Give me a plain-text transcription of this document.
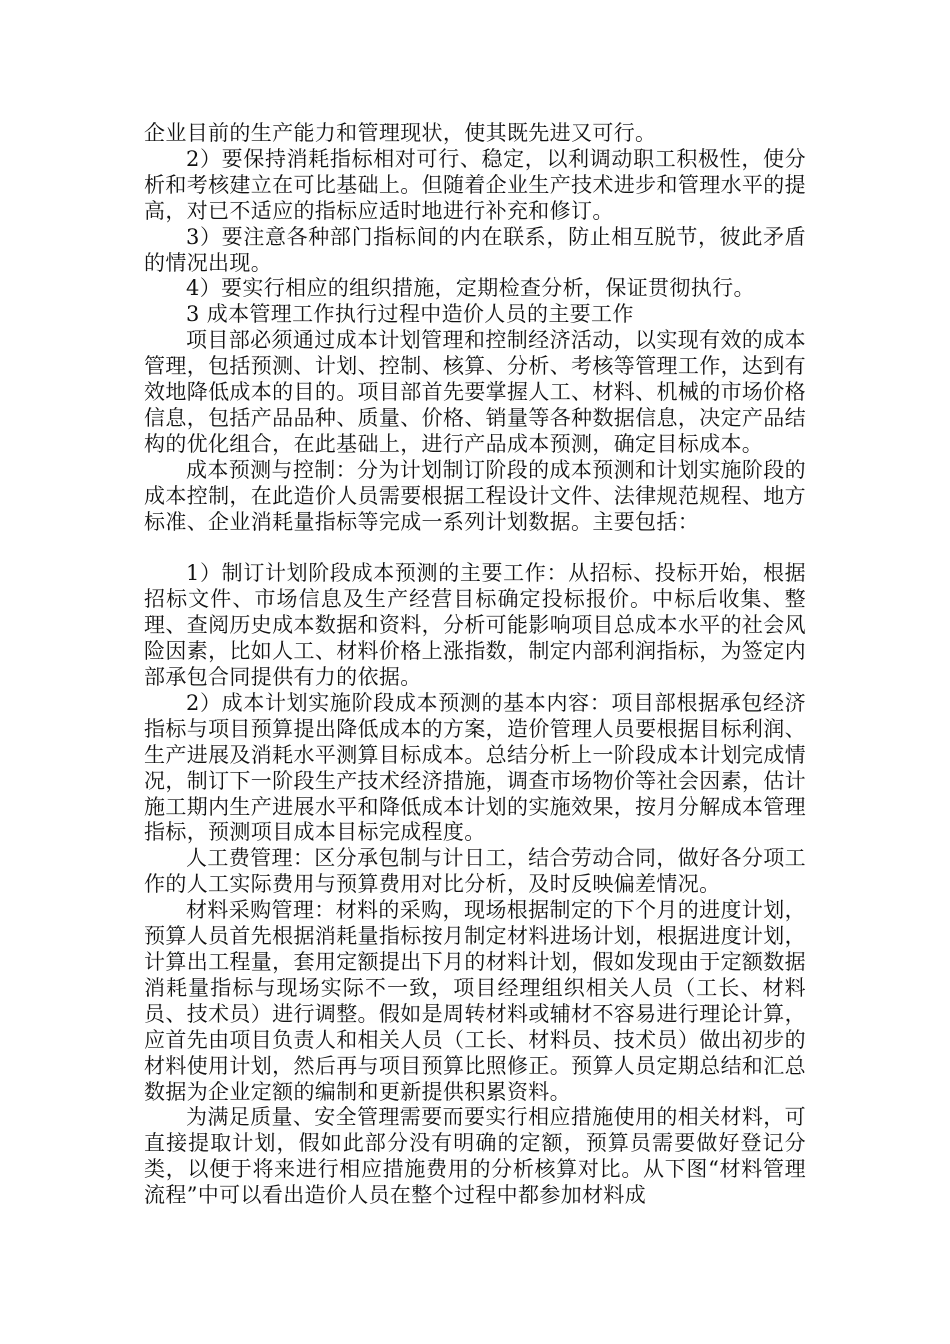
企业目前的生产能力和管理现状，使其既先进又可行。

2）要保持消耗指标相对可行、稳定，以利调动职工积极性，使分析和考核建立在可比基础上。但随着企业生产技术进步和管理水平的提高，对已不适应的指标应适时地进行补充和修订。

3）要注意各种部门指标间的内在联系，防止相互脱节，彼此矛盾的情况出现。

4）要实行相应的组织措施，定期检查分析，保证贯彻执行。

3 成本管理工作执行过程中造价人员的主要工作

项目部必须通过成本计划管理和控制经济活动，以实现有效的成本管理，包括预测、计划、控制、核算、分析、考核等管理工作，达到有效地降低成本的目的。项目部首先要掌握人工、材料、机械的市场价格信息，包括产品品种、质量、价格、销量等各种数据信息，决定产品结构的优化组合，在此基础上，进行产品成本预测，确定目标成本。

成本预测与控制：分为计划制订阶段的成本预测和计划实施阶段的成本控制，在此造价人员需要根据工程设计文件、法律规范规程、地方标准、企业消耗量指标等完成一系列计划数据。主要包括：

1）制订计划阶段成本预测的主要工作：从招标、投标开始，根据招标文件、市场信息及生产经营目标确定投标报价。中标后收集、整理、查阅历史成本数据和资料，分析可能影响项目总成本水平的社会风险因素，比如人工、材料价格上涨指数，制定内部利润指标，为签定内部承包合同提供有力的依据。

2）成本计划实施阶段成本预测的基本内容：项目部根据承包经济指标与项目预算提出降低成本的方案，造价管理人员要根据目标利润、生产进展及消耗水平测算目标成本。总结分析上一阶段成本计划完成情况，制订下一阶段生产技术经济措施，调查市场物价等社会因素，估计施工期内生产进展水平和降低成本计划的实施效果，按月分解成本管理指标，预测项目成本目标完成程度。

人工费管理：区分承包制与计日工，结合劳动合同，做好各分项工作的人工实际费用与预算费用对比分析，及时反映偏差情况。

材料采购管理：材料的采购，现场根据制定的下个月的进度计划，预算人员首先根据消耗量指标按月制定材料进场计划，根据进度计划，计算出工程量，套用定额提出下月的材料计划，假如发现由于定额数据消耗量指标与现场实际不一致，项目经理组织相关人员（工长、材料员、技术员）进行调整。假如是周转材料或辅材不容易进行理论计算，应首先由项目负责人和相关人员（工长、材料员、技术员）做出初步的材料使用计划，然后再与项目预算比照修正。预算人员定期总结和汇总数据为企业定额的编制和更新提供积累资料。

为满足质量、安全管理需要而要实行相应措施使用的相关材料，可直接提取计划，假如此部分没有明确的定额，预算员需要做好登记分类，以便于将来进行相应措施费用的分析核算对比。从下图“材料管理流程”中可以看出造价人员在整个过程中都参加材料成
